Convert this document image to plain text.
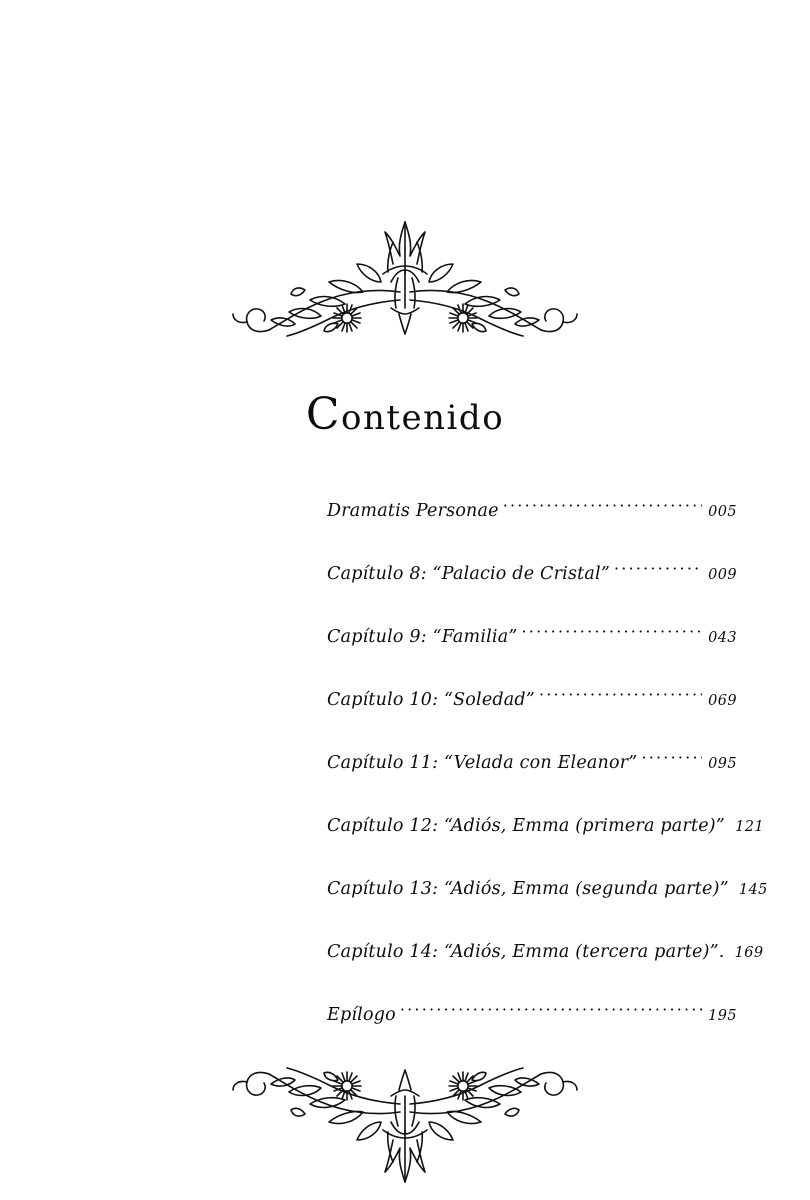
Contenido
Dramatis Personae ·····	005
Capítulo 8: “Palacio de Cristal” ·····	009
Capítulo 9: “Familia” ·····	043
Capítulo 10: “Soledad” ·····	069
Capítulo 11: “Velada con Eleanor” ·····	095
Capítulo 12: “Adiós, Emma (primera parte)” 121
Capítulo 13: “Adiós, Emma (segunda parte)” 145
Capítulo 14: “Adiós, Emma (tercera parte)”. 169
Epílogo ·····	195
